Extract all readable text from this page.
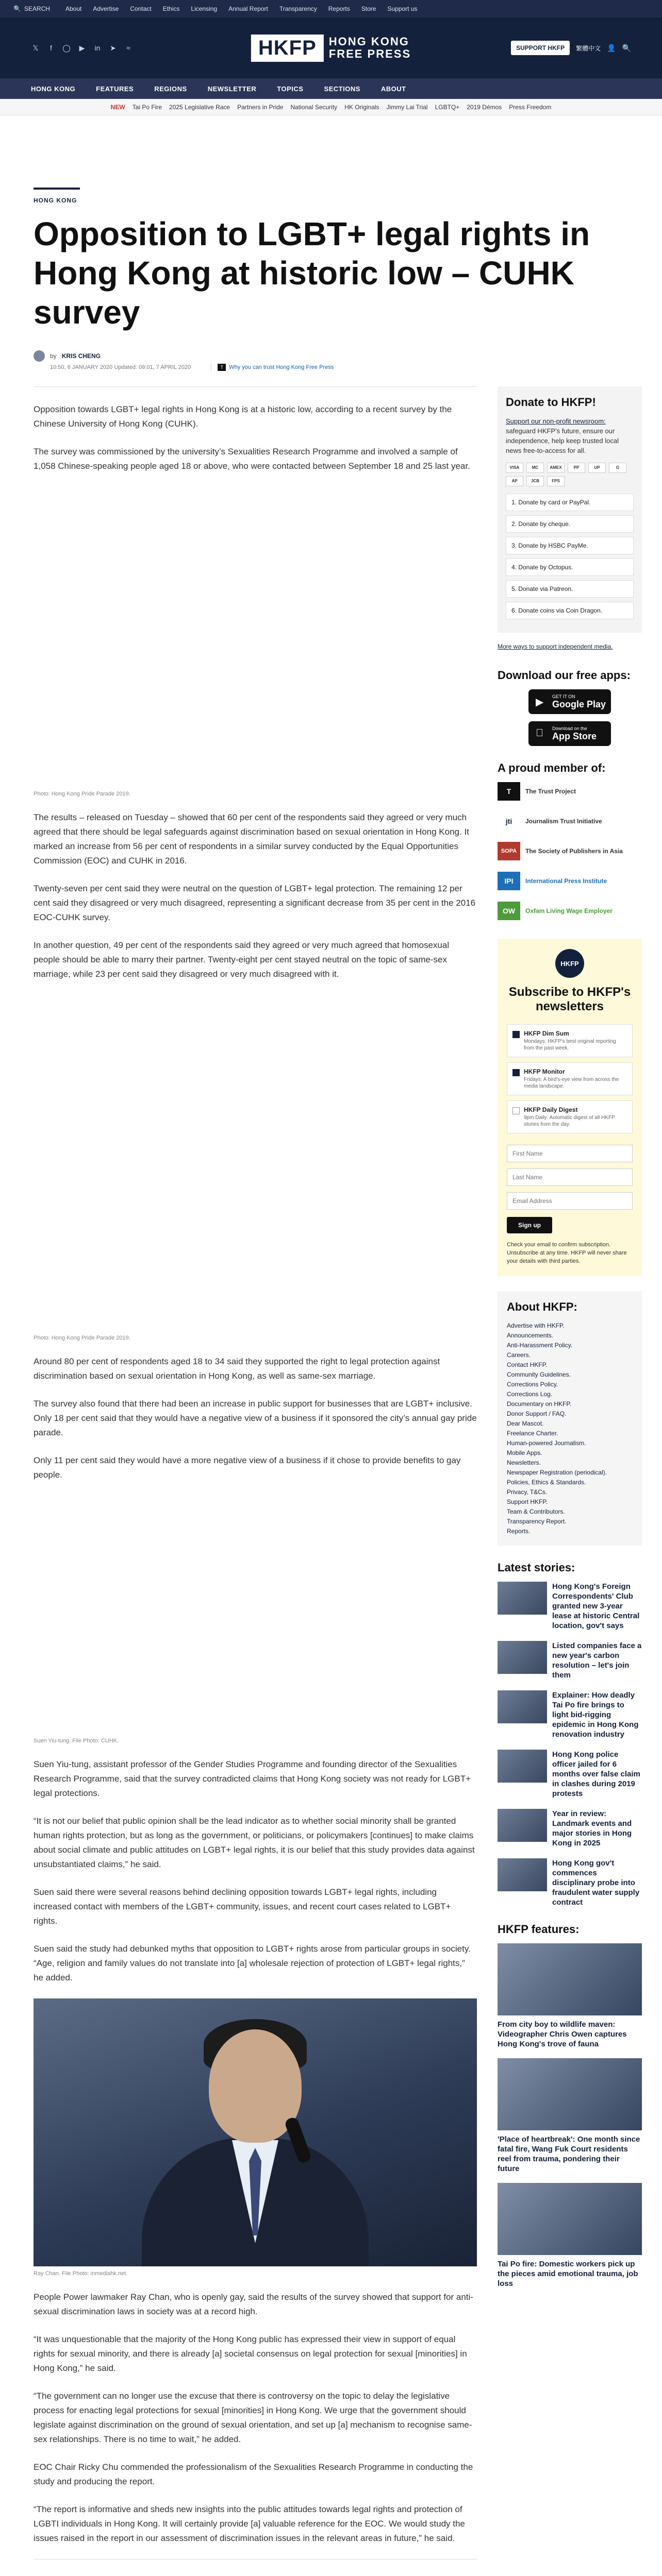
🔍 SEARCH	About Advertise Contact Ethics Licensing Annual Report Transparency Reports Store Support us
𝕏	f	◯ ▶ in ➤	≈	HKFP	HONG KONG
FREE PRESS	SUPPORT HKFP	繁體中文 👤 🔍
HONG KONG	FEATURES	REGIONS	NEWSLETTER	TOPICS	SECTIONS	ABOUT
NEW Tai Po Fire 2025 Legislative Race Partners in Pride National Security HK Originals Jimmy Lai Trial LGBTQ+ 2019 Démos Press Freedom
HONG KONG
Opposition to LGBT+ legal rights in Hong Kong at historic low – CUHK survey
by KRIS CHENG
10:50, 6 JANUARY 2020 Updated: 09:01, 7 APRIL 2020	T	Why you can trust Hong Kong Free Press

Opposition towards LGBT+ legal rights in Hong Kong is at a historic low, according to a recent survey by the Chinese University of Hong Kong (CUHK).

The survey was commissioned by the university’s Sexualities Research Programme and involved a sample of 1,058 Chinese-speaking people aged 18 or above, who were contacted between September 18 and 25 last year.

Photo: Hong Kong Pride Parade 2019.

The results – released on Tuesday – showed that 60 per cent of the respondents said they agreed or very much agreed that there should be legal safeguards against discrimination based on sexual orientation in Hong Kong. It marked an increase from 56 per cent of respondents in a similar survey conducted by the Equal Opportunities Commission (EOC) and CUHK in 2016.

Twenty-seven per cent said they were neutral on the question of LGBT+ legal protection. The remaining 12 per cent said they disagreed or very much disagreed, representing a significant decrease from 35 per cent in the 2016 EOC-CUHK survey.

In another question, 49 per cent of the respondents said they agreed or very much agreed that homosexual people should be able to marry their partner. Twenty-eight per cent stayed neutral on the topic of same-sex marriage, while 23 per cent said they disagreed or very much disagreed with it.

Photo: Hong Kong Pride Parade 2019.

Around 80 per cent of respondents aged 18 to 34 said they supported the right to legal protection against discrimination based on sexual orientation in Hong Kong, as well as same-sex marriage.

The survey also found that there had been an increase in public support for businesses that are LGBT+ inclusive. Only 18 per cent said that they would have a negative view of a business if it sponsored the city’s annual gay pride parade.

Only 11 per cent said they would have a more negative view of a business if it chose to provide benefits to gay people.

Suen Yiu-tung. File Photo: CUHK.

Suen Yiu-tung, assistant professor of the Gender Studies Programme and founding director of the Sexualities Research Programme, said that the survey contradicted claims that Hong Kong society was not ready for LGBT+ legal protections.

“It is not our belief that public opinion shall be the lead indicator as to whether social minority shall be granted human rights protection, but as long as the government, or politicians, or policymakers [continues] to make claims about social climate and public attitudes on LGBT+ legal rights, it is our belief that this study provides data against unsubstantiated claims,” he said.

Suen said there were several reasons behind declining opposition towards LGBT+ legal rights, including increased contact with members of the LGBT+ community, issues, and recent court cases related to LGBT+ rights.

Suen said the study had debunked myths that opposition to LGBT+ rights arose from particular groups in society. “Age, religion and family values do not translate into [a] wholesale rejection of protection of LGBT+ legal rights,” he added.

Ray Chan. File Photo: inmediahk.net.

People Power lawmaker Ray Chan, who is openly gay, said the results of the survey showed that support for anti-sexual discrimination laws in society was at a record high.

“It was unquestionable that the majority of the Hong Kong public has expressed their view in support of equal rights for sexual minority, and there is already [a] societal consensus on legal protection for sexual [minorities] in Hong Kong,” he said.

“The government can no longer use the excuse that there is controversy on the topic to delay the legislative process for enacting legal protections for sexual [minorities] in Hong Kong. We urge that the government should legislate against discrimination on the ground of sexual orientation, and set up [a] mechanism to recognise same-sex relationships. There is no time to wait,” he added.

EOC Chair Ricky Chu commended the professionalism of the Sexualities Research Programme in conducting the study and producing the report.

“The report is informative and sheds new insights into the public attitudes towards legal rights and protection of LGBTI individuals in Hong Kong. It will certainly provide [a] valuable reference for the EOC. We would study the issues raised in the report in our assessment of discrimination issues in the relevant areas in future,” he said.

Donate to HKFP!
Support our non-profit newsroom: safeguard HKFP's future, ensure our independence, help keep trusted local news free-to-access for all.
VISA	MC	AMEX	PP	UP	G
AP	JCB	FPS
1. Donate by card or PayPal.
2. Donate by cheque.
3. Donate by HSBC PayMe.
4. Donate by Octopus.
5. Donate via Patreon.
6. Donate coins via Coin Dragon.
More ways to support independent media.
Download our free apps:
▶
GET IT ON
Google Play
Download on the
App Store
A proud member of:
T	The Trust Project
jti	Journalism Trust Initiative
SOPA	The Society of Publishers in Asia
IPI	International Press Institute
OW	Oxfam Living Wage Employer
HKFP
Subscribe to HKFP's newsletters
HKFP Dim Sum
Mondays: HKFP's best original reporting from the past week.
HKFP Monitor
Fridays: A bird's-eye view from across the media landscape.
HKFP Daily Digest
9pm Daily: Automatic digest of all HKFP stories from the day.
First Name Last Name Email Address Sign up
Check your email to confirm subscription. Unsubscribe at any time. HKFP will never share your details with third parties.
About HKFP:
Advertise with HKFP.
Announcements.
Anti-Harassment Policy.
Careers.
Contact HKFP.
Community Guidelines.
Corrections Policy.
Corrections Log.
Documentary on HKFP.
Donor Support / FAQ.
Dear Mascot.
Freelance Charter.
Human-powered Journalism.
Mobile Apps.
Newsletters.
Newspaper Registration (periodical).
Policies, Ethics & Standards.
Privacy, T&Cs.
Support HKFP.
Team & Contributors.
Transparency Report.
Reports.
Latest stories:
Hong Kong's Foreign Correspondents' Club granted new 3-year lease at historic Central location, gov't says
Listed companies face a new year's carbon resolution – let's join them
Explainer: How deadly Tai Po fire brings to light bid-rigging epidemic in Hong Kong renovation industry
Hong Kong police officer jailed for 6 months over false claim in clashes during 2019 protests
Year in review: Landmark events and major stories in Hong Kong in 2025
Hong Kong gov't commences disciplinary probe into fraudulent water supply contract
HKFP features:
From city boy to wildlife maven: Videographer Chris Owen captures Hong Kong's trove of fauna
'Place of heartbreak': One month since fatal fire, Wang Fuk Court residents reel from trauma, pondering their future
Tai Po fire: Domestic workers pick up the pieces amid emotional trauma, job loss
